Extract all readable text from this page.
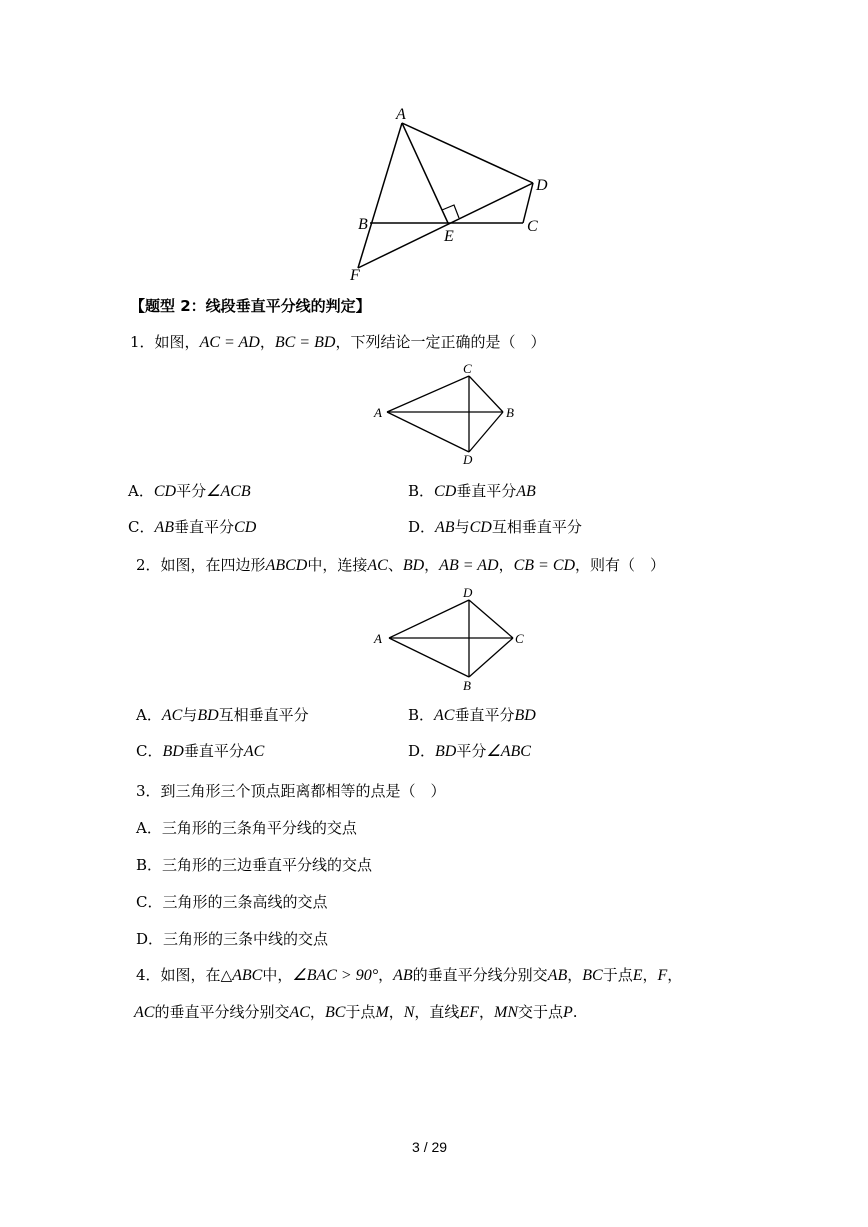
A
B	C
D
E
F
【题型 2：线段垂直平分线的判定】
1．如图，AC = AD，BC = BD，下列结论一定正确的是（　）
A
C
B
D
A．CD平分∠ACB	B．CD垂直平分AB
C．AB垂直平分CD	D．AB与CD互相垂直平分
2．如图，在四边形ABCD中，连接AC、BD，AB = AD，CB = CD，则有（　）
A
D
C
B
A．AC与BD互相垂直平分	B．AC垂直平分BD
C．BD垂直平分AC	D．BD平分∠ABC
3．到三角形三个顶点距离都相等的点是（　）
A．三角形的三条角平分线的交点
B．三角形的三边垂直平分线的交点
C．三角形的三条高线的交点
D．三角形的三条中线的交点
4．如图，在△ABC中，∠BAC > 90°，AB的垂直平分线分别交AB，BC于点E，F，
AC的垂直平分线分别交AC，BC于点M，N，直线EF，MN交于点P.
3 / 29
